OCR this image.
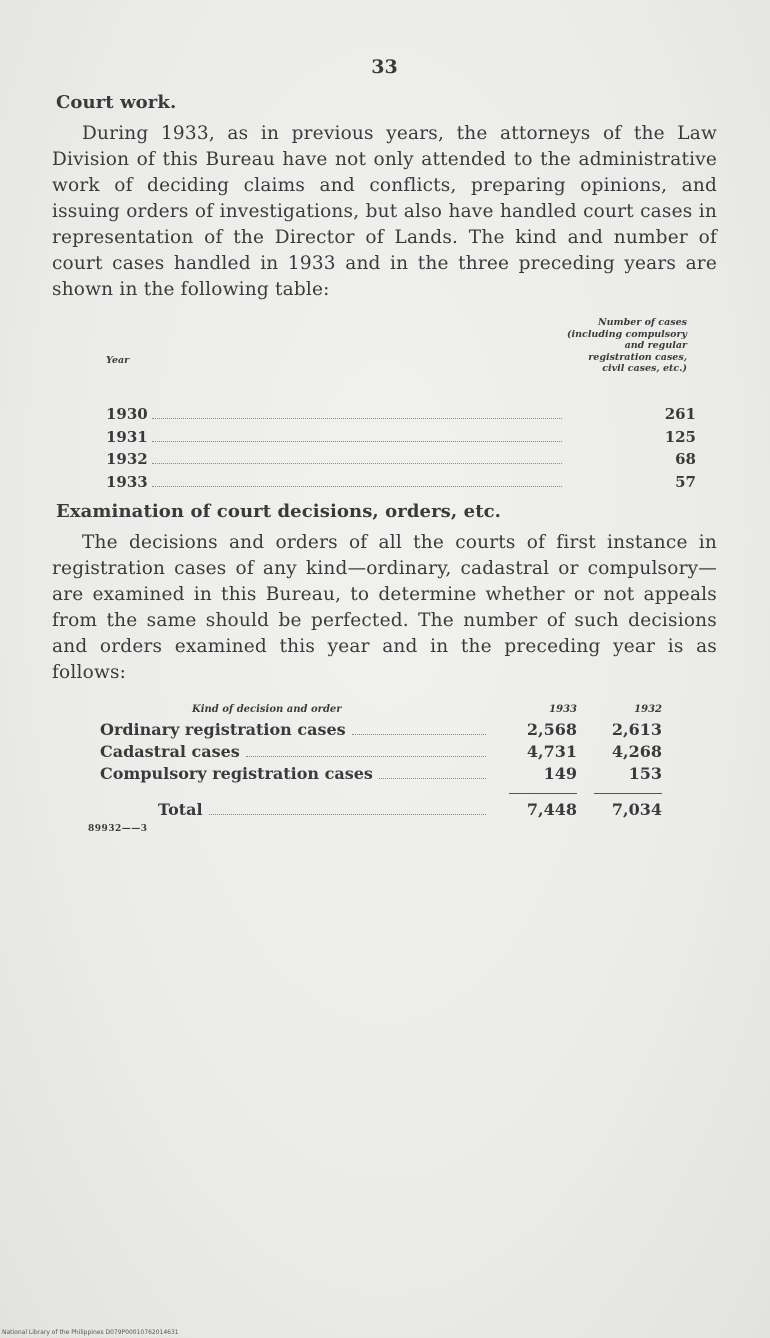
33
Court work.

During 1933, as in previous years, the attorneys of the Law Division of this Bureau have not only attended to the administrative work of deciding claims and conflicts, preparing opinions, and issuing orders of investigations, but also have handled court cases in representation of the Director of Lands. The kind and number of court cases handled in 1933 and in the three preceding years are shown in the following table:

Year
Number of cases (including compulsory and regular registration cases, civil cases, etc.)
1930	261
1931	125
1932	68
1933	57
Examination of court decisions, orders, etc.

The decisions and orders of all the courts of first instance in registration cases of any kind—ordinary, cadastral or compulsory—are examined in this Bureau, to determine whether or not appeals from the same should be perfected. The number of such decisions and orders examined this year and in the preceding year is as follows:

Kind of decision and order	1933	1932
Ordinary registration cases	2,568	2,613
Cadastral cases	4,731	4,268
Compulsory registration cases	149	153
Total	7,448	7,034
89932——3
National Library of the Philippines D079P00010762014631
